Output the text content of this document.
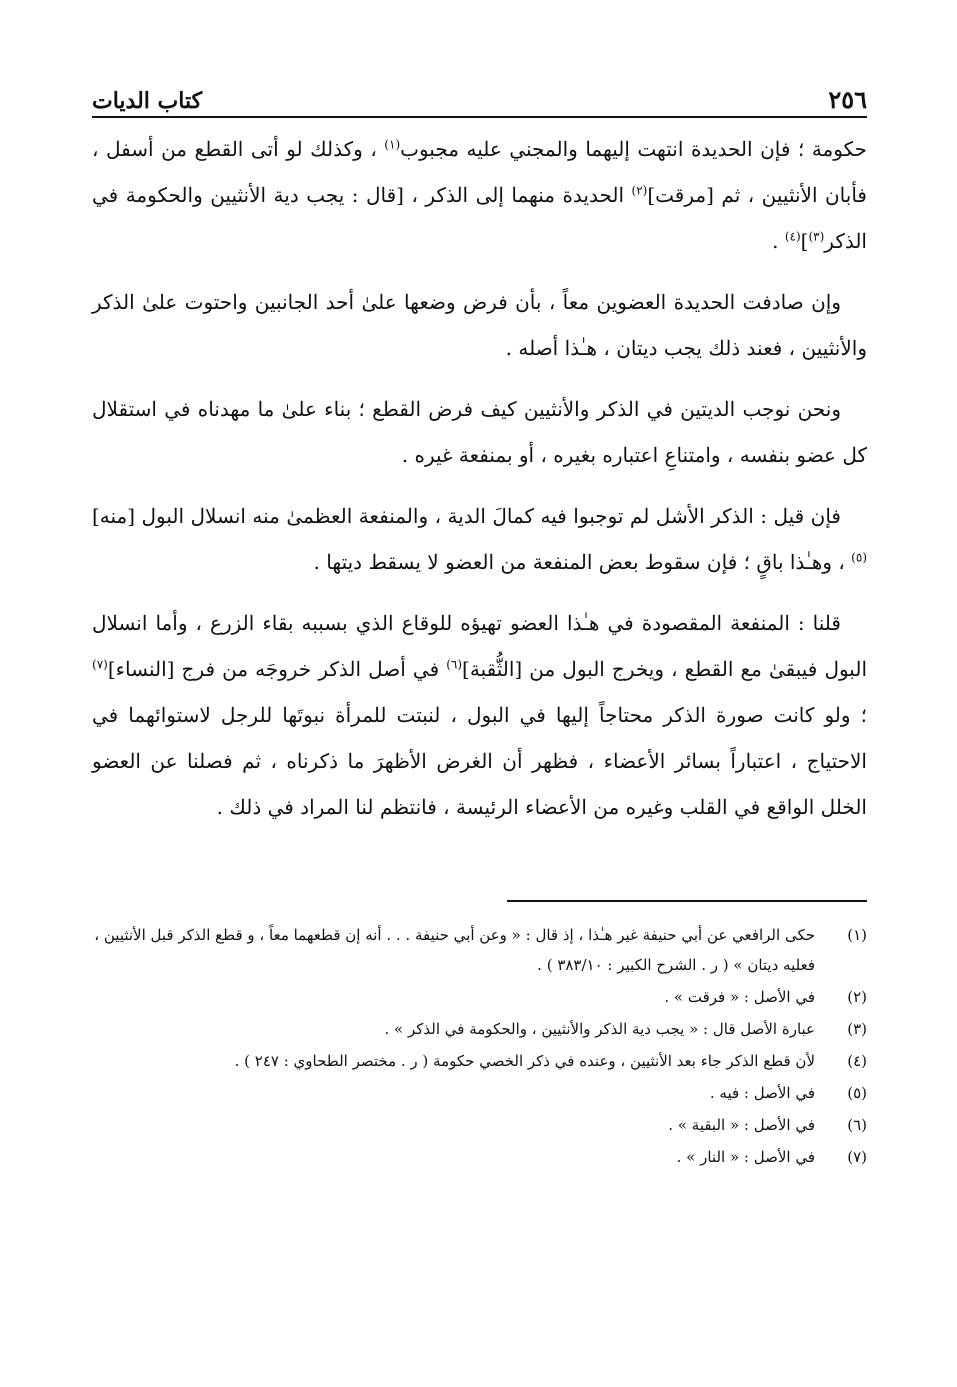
٢٥٦
كتاب الديات

حكومة ؛ فإن الحديدة انتهت إليهما والمجني عليه مجبوب$^{(١)}$ ، وكذلك لو أتى القطع من أسفل ، فأبان الأنثيين ، ثم [مرقت]$^{(٢)}$ الحديدة منهما إلى الذكر ، [قال : يجب دية الأنثيين والحكومة في الذكر$^{(٣)}$]$^{(٤)}$ .

وإن صادفت الحديدة العضوين معاً ، بأن فرض وضعها علىٰ أحد الجانبين واحتوت علىٰ الذكر والأنثيين ، فعند ذلك يجب ديتان ، هـٰذا أصله .

ونحن نوجب الديتين في الذكر والأنثيين كيف فرض القطع ؛ بناء علىٰ ما مهدناه في استقلال كل عضو بنفسه ، وامتناعِ اعتباره بغيره ، أو بمنفعة غيره .

فإن قيل : الذكر الأشل لم توجبوا فيه كمالَ الدية ، والمنفعة العظمىٰ منه انسلال البول [منه]$^{(٥)}$ ، وهـٰذا باقٍ ؛ فإن سقوط بعض المنفعة من العضو لا يسقط ديتها .

قلنا : المنفعة المقصودة في هـٰذا العضو تهيؤه للوقاع الذي بسببه بقاء الزرع ، وأما انسلال البول فيبقىٰ مع القطع ، ويخرج البول من [الثُّقبة]$^{(٦)}$ في أصل الذكر خروجَه من فرج [النساء]$^{(٧)}$ ؛ ولو كانت صورة الذكر محتاجاً إليها في البول ، لنبتت للمرأة نبوتَها للرجل لاستوائهما في الاحتياج ، اعتباراً بسائر الأعضاء ، فظهر أن الغرض الأظهرَ ما ذكرناه ، ثم فصلنا عن العضو الخلل الواقع في القلب وغيره من الأعضاء الرئيسة ، فانتظم لنا المراد في ذلك .

(١)
حكى الرافعي عن أبي حنيفة غير هـٰذا ، إذ قال : « وعن أبي حنيفة . . . أنه إن قطعهما معاً ، و قطع الذكر قبل الأنثيين ، فعليه ديتان » ( ر . الشرح الكبير : ٣٨٣/١٠ ) .
(٢)
في الأصل : « فرقت » .
(٣)
عبارة الأصل قال : « يجب دية الذكر والأنثيين ، والحكومة في الذكر » .
(٤)
لأن قطع الذكر جاء بعد الأنثيين ، وعنده في ذكر الخصي حكومة ( ر . مختصر الطحاوي : ٢٤٧ ) .
(٥)
في الأصل : فيه .
(٦)
في الأصل : « البقية » .
(٧)
في الأصل : « النار » .
